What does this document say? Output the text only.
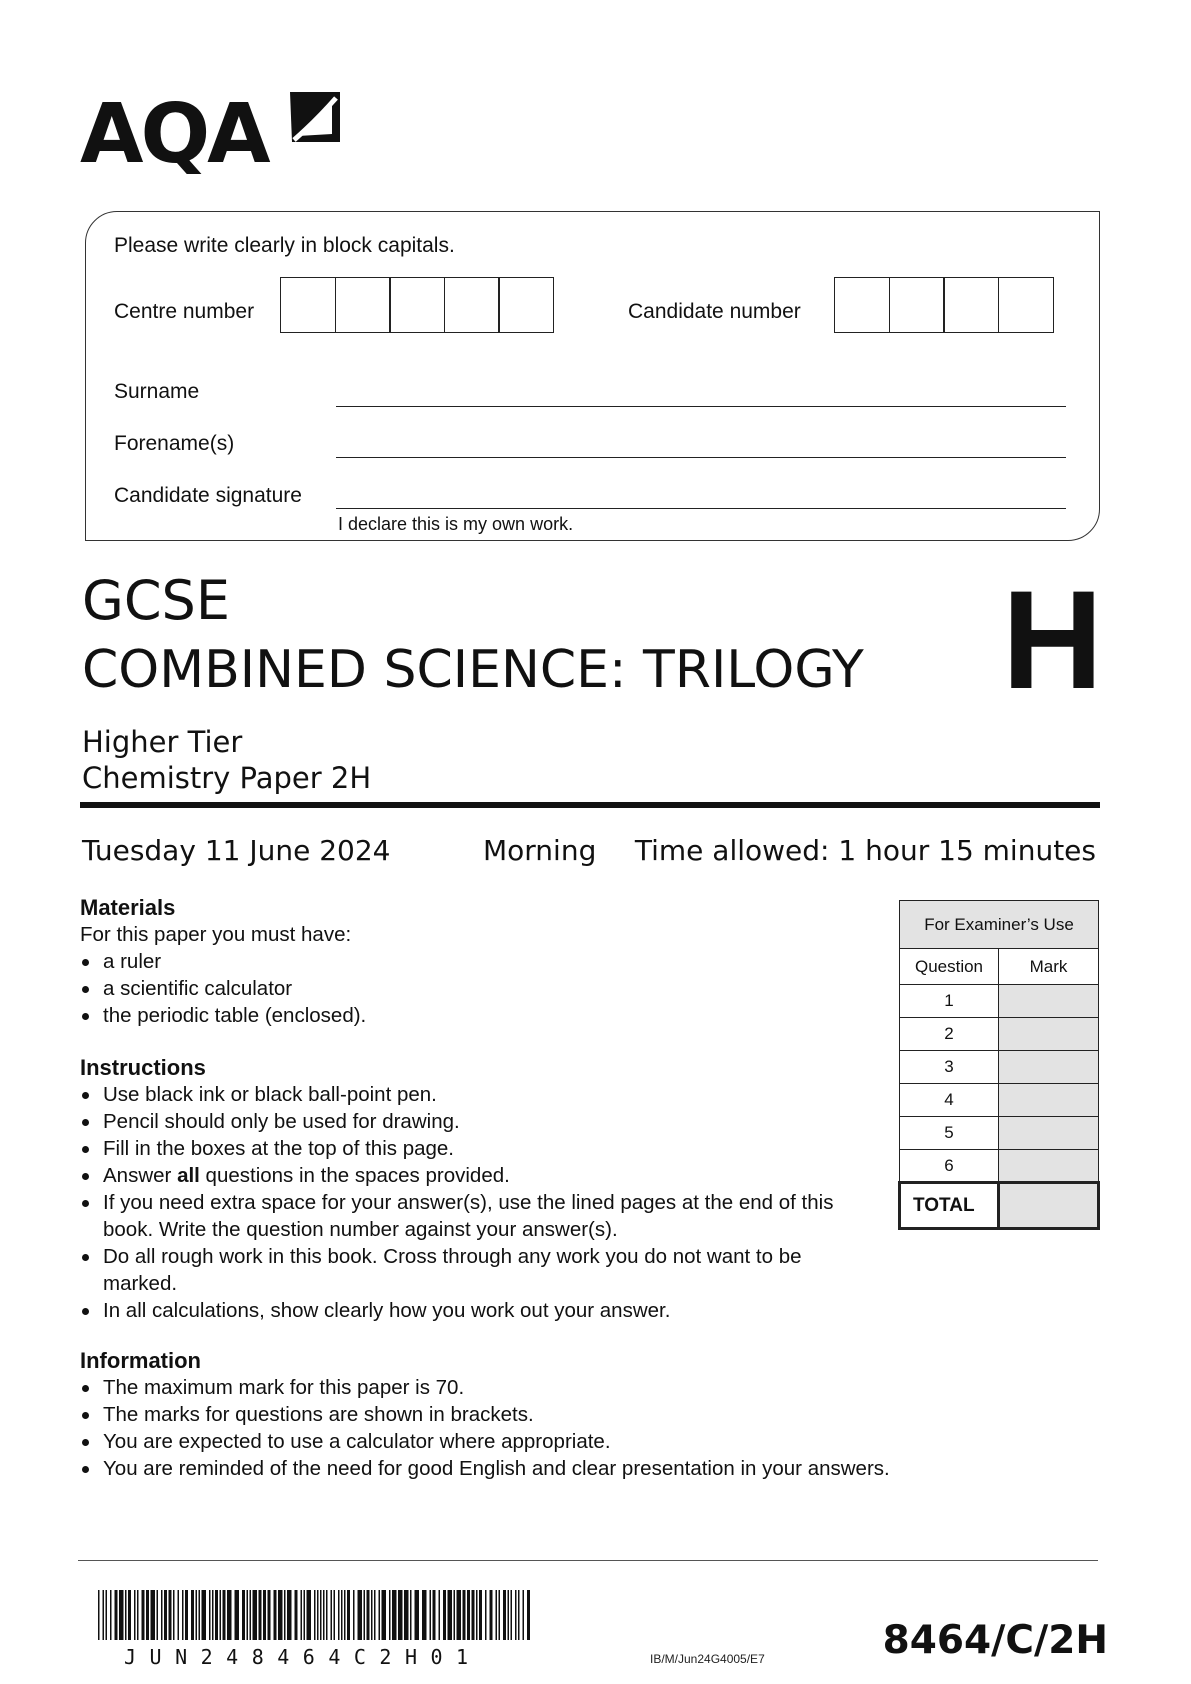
AQA
Please write clearly in block capitals.
Centre number	Candidate number
Surname
Forename(s)
Candidate signature
I declare this is my own work.
GCSE
COMBINED SCIENCE: TRILOGY H
Higher Tier
Chemistry Paper 2H
Tuesday 11 June 2024	Morning Time allowed: 1 hour 15 minutes
Materials
For this paper you must have:
a ruler
a scientific calculator
the periodic table (enclosed).
Instructions
Use black ink or black ball-point pen.
Pencil should only be used for drawing.
Fill in the boxes at the top of this page.
Answer all questions in the spaces provided.
If you need extra space for your answer(s), use the lined pages at the end of this book. Write the question number against your answer(s).
Do all rough work in this book. Cross through any work you do not want to be marked.
In all calculations, show clearly how you work out your answer.
Information
The maximum mark for this paper is 70.
The marks for questions are shown in brackets.
You are expected to use a calculator where appropriate.
You are reminded of the need for good English and clear presentation in your answers.
For Examiner’s Use	
Question	Mark
1	
2	
3	
4	
5	
6	
TOTAL	
JUN248464C2H01	IB/M/Jun24G4005/E7	8464/C/2H
